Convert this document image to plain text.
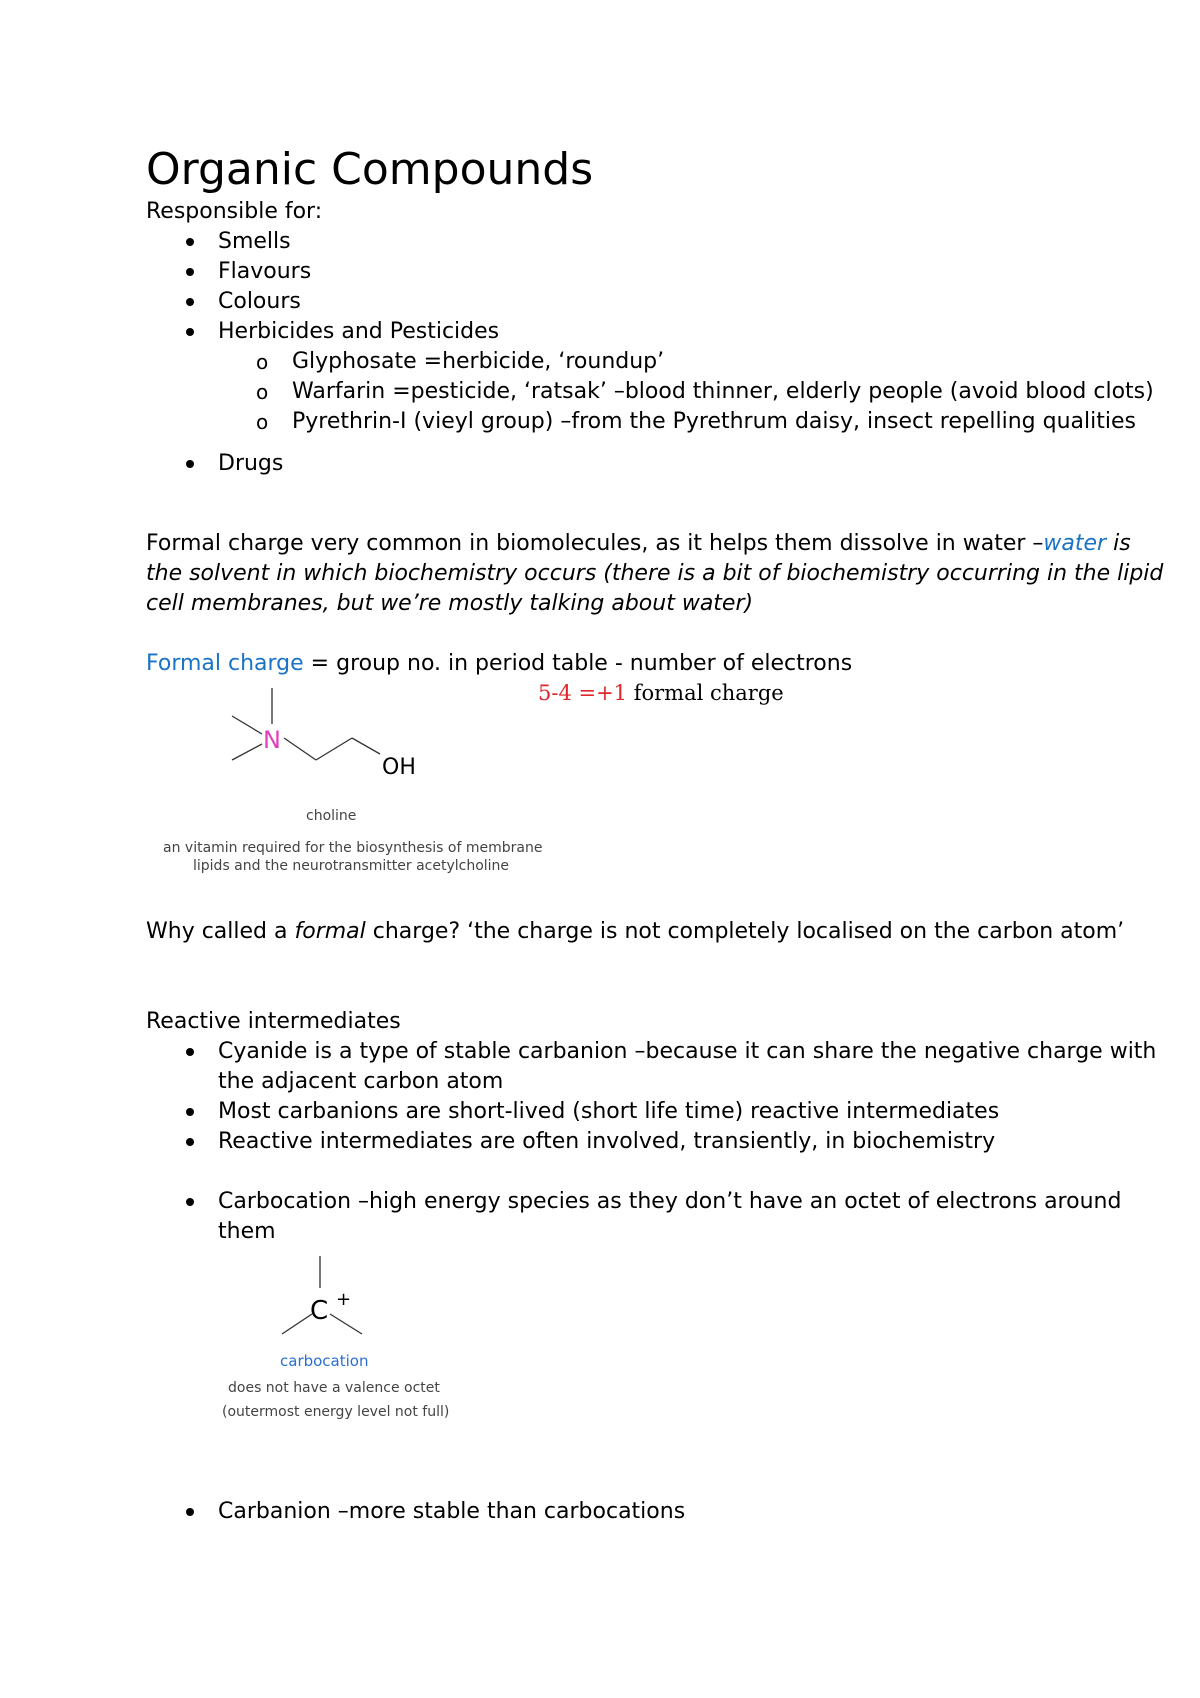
Organic Compounds
Responsible for:
Smells
Flavours
Colours
Herbicides and Pesticides
o Glyphosate =herbicide, ‘roundup’
o Warfarin =pesticide, ‘ratsak’ –blood thinner, elderly people (avoid blood clots)
o Pyrethrin-I (vieyl group) –from the Pyrethrum daisy, insect repelling qualities
Drugs
Formal charge very common in biomolecules, as it helps them dissolve in water –water is
the solvent in which biochemistry occurs (there is a bit of biochemistry occurring in the lipid
cell membranes, but we’re mostly talking about water)
Formal charge = group no. in period table - number of electrons
5-4 =+1 formal charge
N
OH
choline
an vitamin required for the biosynthesis of membrane
lipids and the neurotransmitter acetylcholine
Why called a formal charge? ‘the charge is not completely localised on the carbon atom’
Reactive intermediates
Cyanide is a type of stable carbanion –because it can share the negative charge with
the adjacent carbon atom
Most carbanions are short-lived (short life time) reactive intermediates
Reactive intermediates are often involved, transiently, in biochemistry
Carbocation –high energy species as they don’t have an octet of electrons around
them
C +
carbocation
does not have a valence octet
(outermost energy level not full)
Carbanion –more stable than carbocations
